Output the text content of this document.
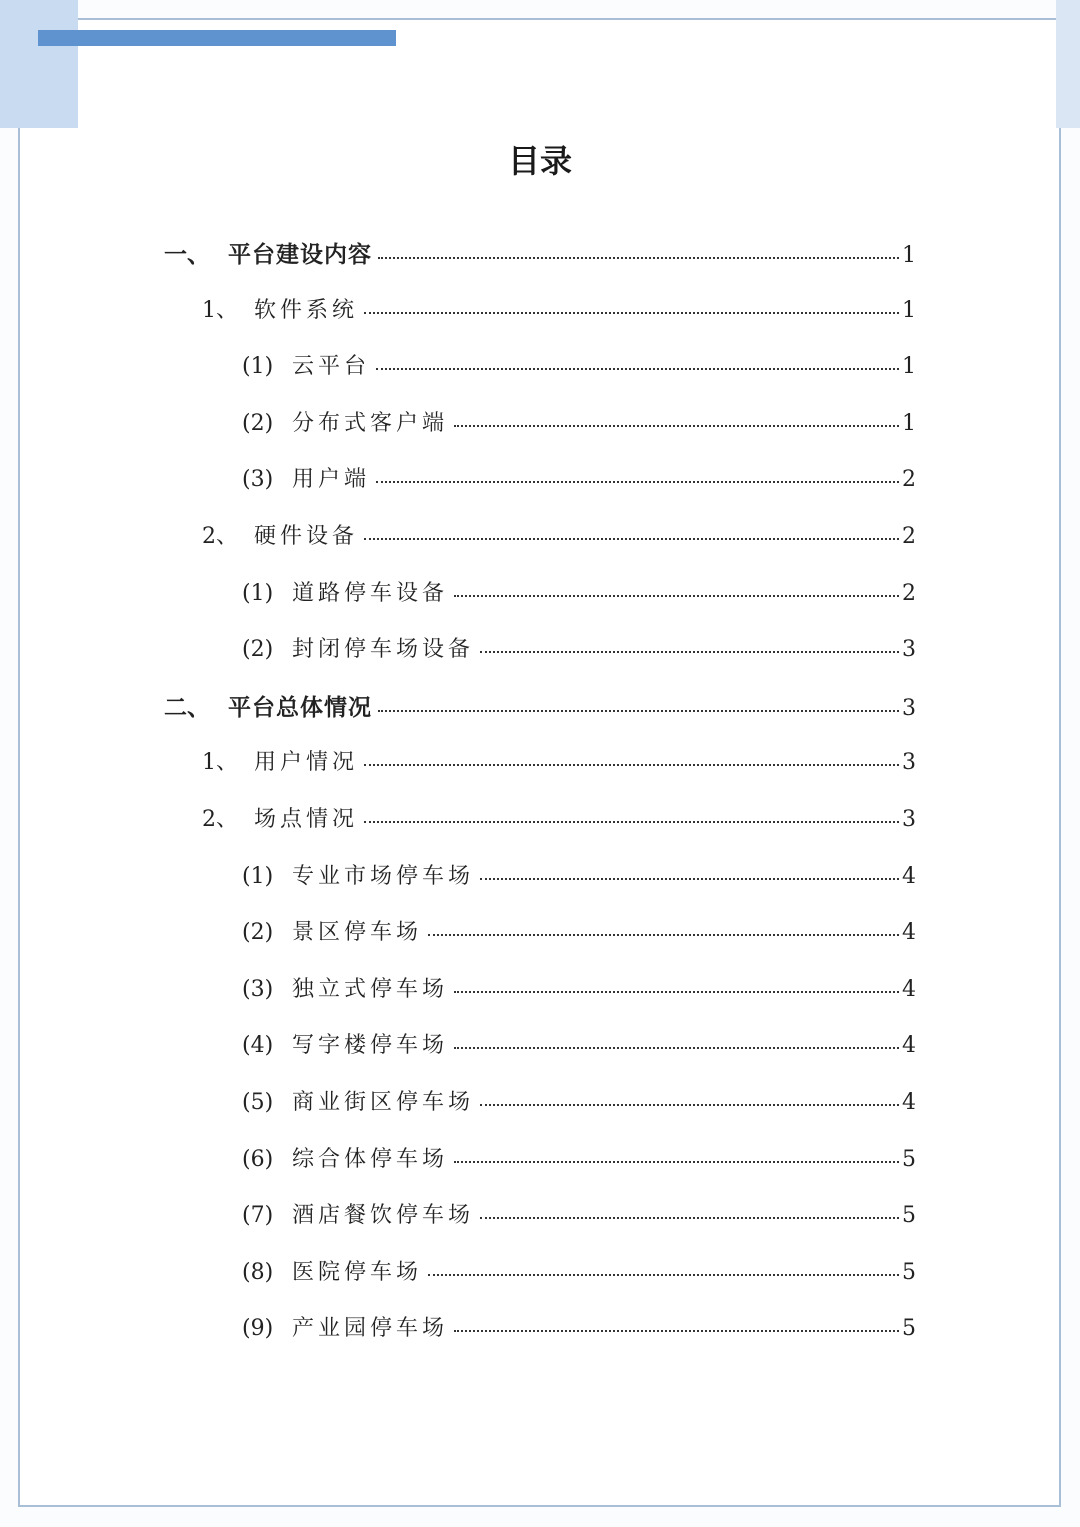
目录
一、 平台建设内容	1
1、 软件系统	1
(1) 云平台	1
(2) 分布式客户端	1
(3) 用户端	2
2、 硬件设备	2
(1) 道路停车设备	2
(2) 封闭停车场设备	3
二、 平台总体情况	3
1、 用户情况	3
2、 场点情况	3
(1) 专业市场停车场	4
(2) 景区停车场	4
(3) 独立式停车场	4
(4) 写字楼停车场	4
(5) 商业街区停车场	4
(6) 综合体停车场	5
(7) 酒店餐饮停车场	5
(8) 医院停车场	5
(9) 产业园停车场	5
